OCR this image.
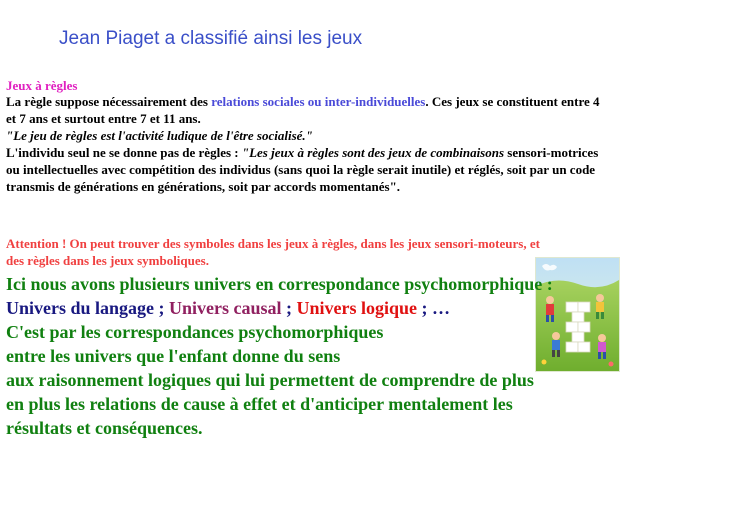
Jean Piaget a classifié ainsi les jeux
Jeux à règles

La règle suppose nécessairement des relations sociales ou inter-individuelles. Ces jeux se constituent entre 4 et 7 ans et surtout entre 7 et 11 ans.

"Le jeu de règles est l'activité ludique de l'être socialisé."

L'individu seul ne se donne pas de règles : "Les jeux à règles sont des jeux de combinaisons sensori-motrices ou intellectuelles avec compétition des individus (sans quoi la règle serait inutile) et réglés, soit par un code transmis de générations en générations, soit par accords momentanés".

Attention ! On peut trouver des symboles dans les jeux à règles, dans les jeux sensori-moteurs, et des règles dans les jeux symboliques.

Ici nous avons plusieurs univers en correspondance psychomorphique :

Univers du langage ; Univers causal ; Univers logique ; …

C'est par les correspondances psychomorphiques

entre les univers que l'enfant donne du sens

aux raisonnement logiques qui lui permettent de comprendre de plus

en plus les relations de cause à effet et d'anticiper mentalement les

résultats et conséquences.
